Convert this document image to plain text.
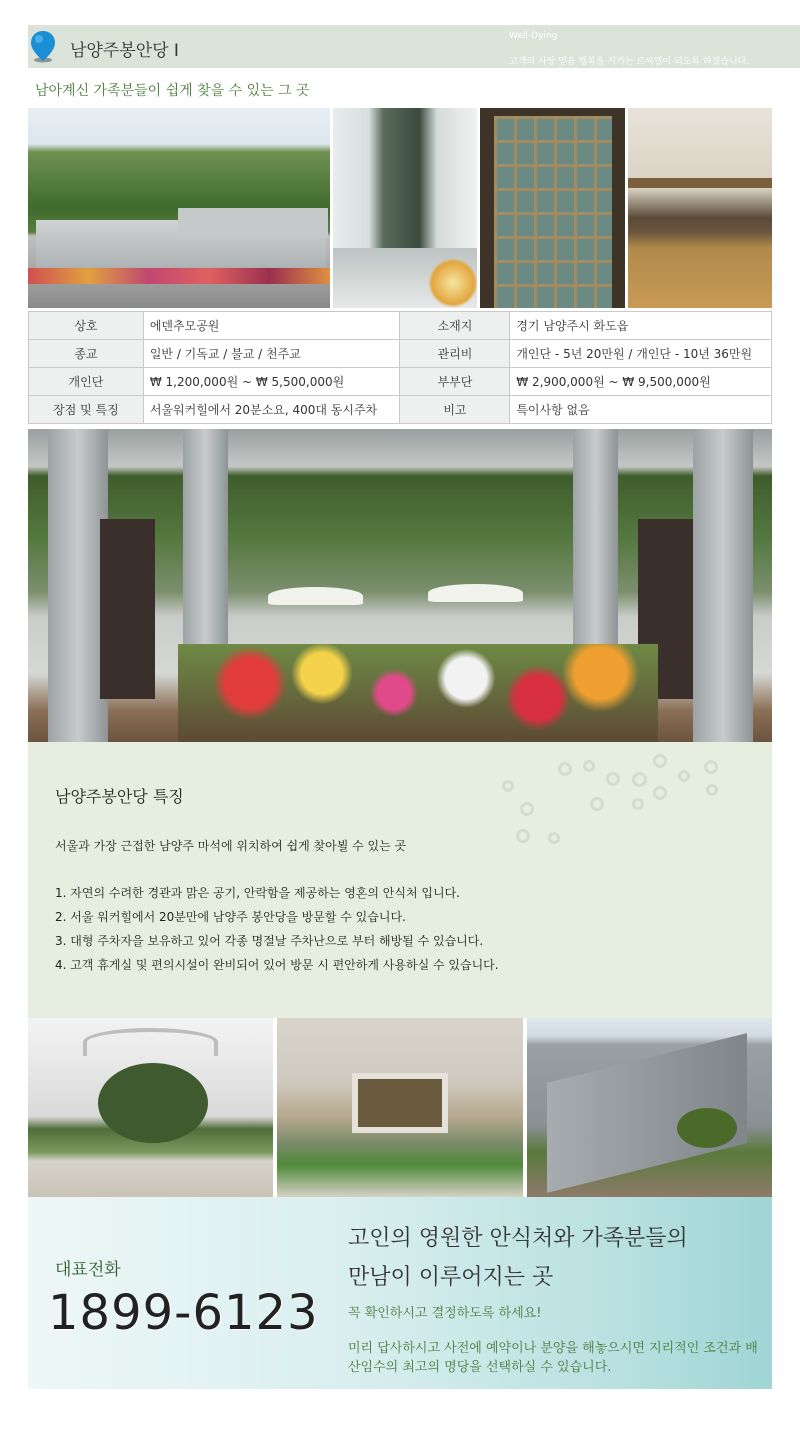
남양주봉안당 I
Well-Dying
고객의 사랑 믿음 행복을 지키는 르씨엘이 되도록 하겠습니다.
남아계신 가족분들이 쉽게 찾을 수 있는 그 곳
상호	에덴추모공원	소재지	경기 남양주시 화도읍
종교	일반 / 기독교 / 불교 / 천주교	관리비	개인단 - 5년 20만원 / 개인단 - 10년 36만원
개인단	₩ 1,200,000원 ~ ₩ 5,500,000원	부부단	₩ 2,900,000원 ~ ₩ 9,500,000원
장점 및 특징	서울워커힐에서 20분소요, 400대 동시주차	비고	특이사항 없음
남양주봉안당 특징
서울과 가장 근접한 남양주 마석에 위치하여 쉽게 찾아뵐 수 있는 곳
1. 자연의 수려한 경관과 맑은 공기, 안락함을 제공하는 영혼의 안식처 입니다.
2. 서울 워커힐에서 20분만에 남양주 봉안당을 방문할 수 있습니다.
3. 대형 주차자을 보유하고 있어 각종 명절날 주차난으로 부터 해방될 수 있습니다.
4. 고객 휴게실 및 편의시설이 완비되어 있어 방문 시 편안하게 사용하실 수 있습니다.
대표전화
1899-6123
고인의 영원한 안식처와 가족분들의
만남이 이루어지는 곳
꼭 확인하시고 결정하도록 하세요!
미리 답사하시고 사전에 예약이나 분양을 해놓으시면 지리적인 조건과 배산임수의 최고의 명당을 선택하실 수 있습니다.
